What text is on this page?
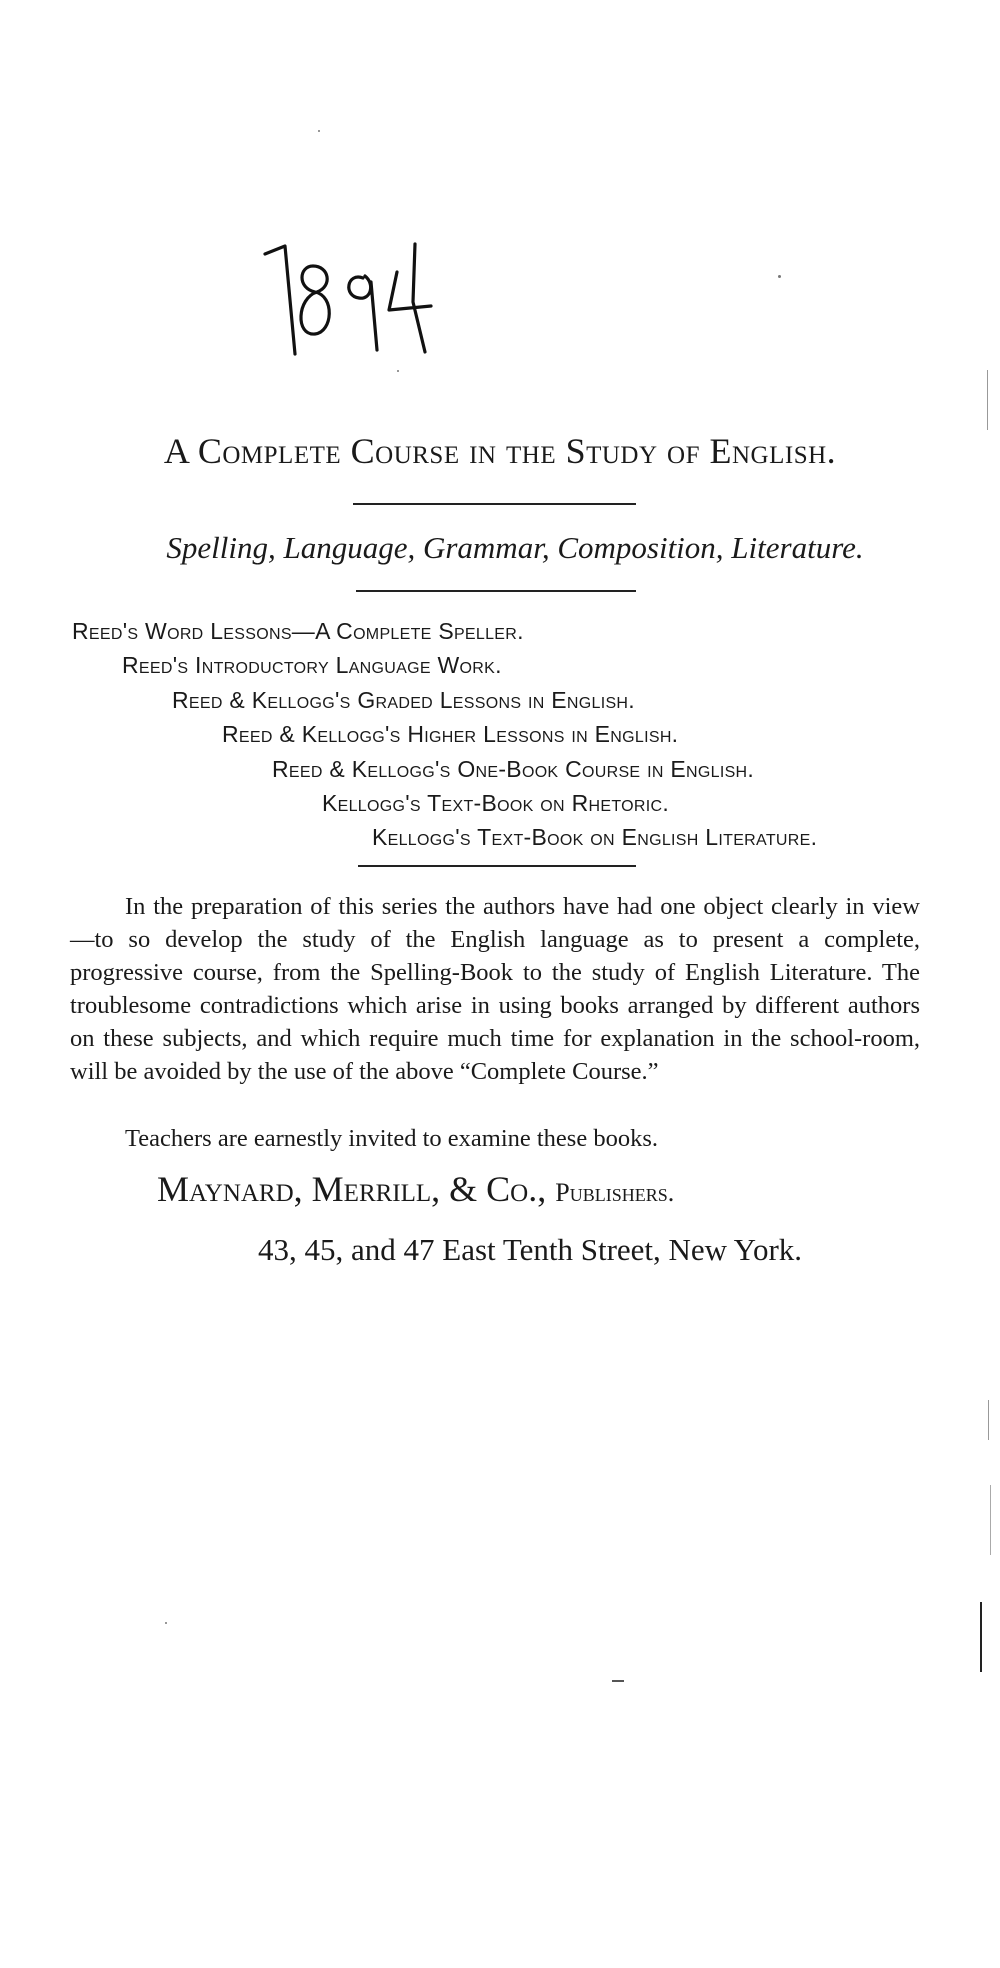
A Complete Course in the Study of English.
Spelling, Language, Grammar, Composition, Literature.
Reed's Word Lessons—A Complete Speller.
Reed's Introductory Language Work.
Reed & Kellogg's Graded Lessons in English.
Reed & Kellogg's Higher Lessons in English.
Reed & Kellogg's One-Book Course in English.
Kellogg's Text-Book on Rhetoric.
Kellogg's Text-Book on English Literature.

In the preparation of this series the authors have had one object clearly in view—to so develop the study of the English language as to present a complete, progressive course, from the Spelling-Book to the study of English Literature. The troublesome contradictions which arise in using books arranged by different authors on these subjects, and which require much time for explanation in the school-room, will be avoided by the use of the above “Complete Course.”

Teachers are earnestly invited to examine these books.
Maynard, Merrill, & Co., Publishers.
43, 45, and 47 East Tenth Street, New York.
